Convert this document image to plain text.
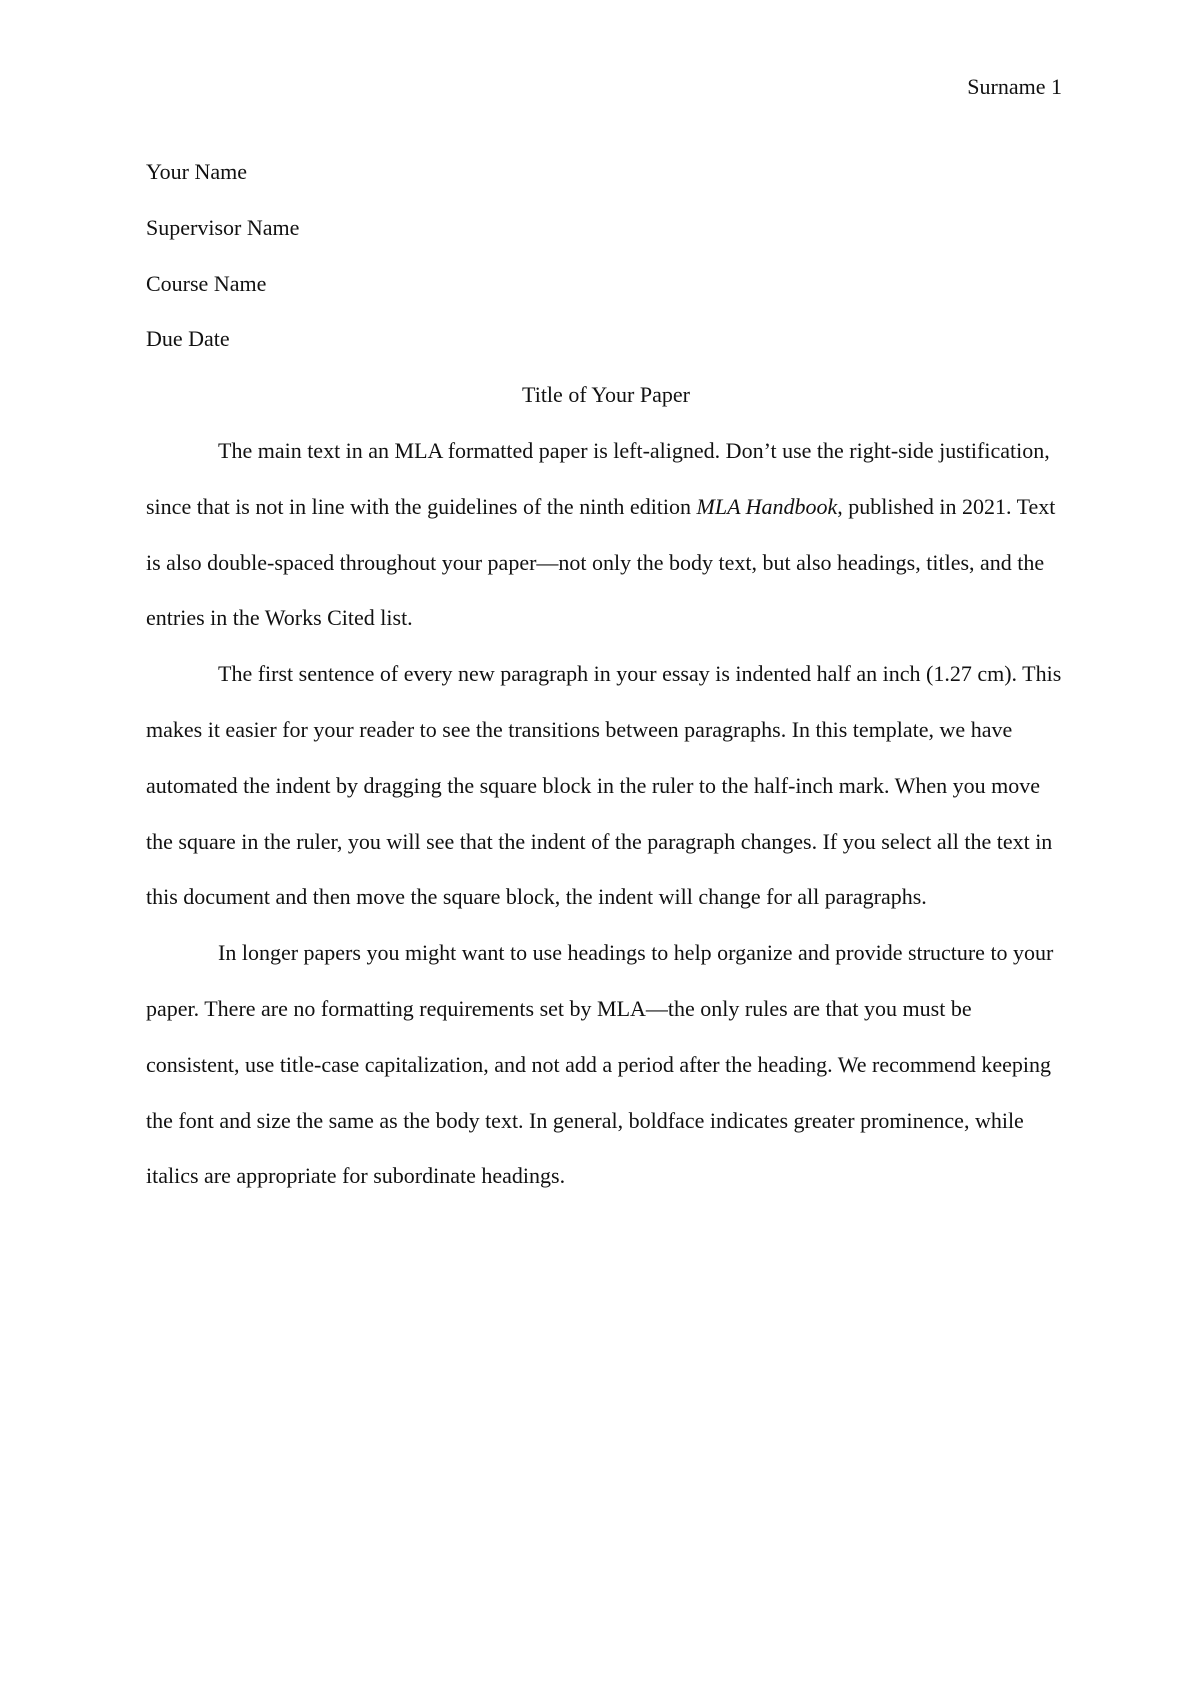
Surname 1

Your Name

Supervisor Name

Course Name

Due Date

Title of Your Paper

The main text in an MLA formatted paper is left-aligned. Don’t use the right-side justification, since that is not in line with the guidelines of the ninth edition MLA Handbook, published in 2021. Text is also double-spaced throughout your paper—not only the body text, but also headings, titles, and the entries in the Works Cited list.

The first sentence of every new paragraph in your essay is indented half an inch (1.27 cm). This makes it easier for your reader to see the transitions between paragraphs. In this template, we have automated the indent by dragging the square block in the ruler to the half-inch mark. When you move the square in the ruler, you will see that the indent of the paragraph changes. If you select all the text in this document and then move the square block, the indent will change for all paragraphs.

In longer papers you might want to use headings to help organize and provide structure to your paper. There are no formatting requirements set by MLA—the only rules are that you must be consistent, use title-case capitalization, and not add a period after the heading. We recommend keeping the font and size the same as the body text. In general, boldface indicates greater prominence, while italics are appropriate for subordinate headings.
